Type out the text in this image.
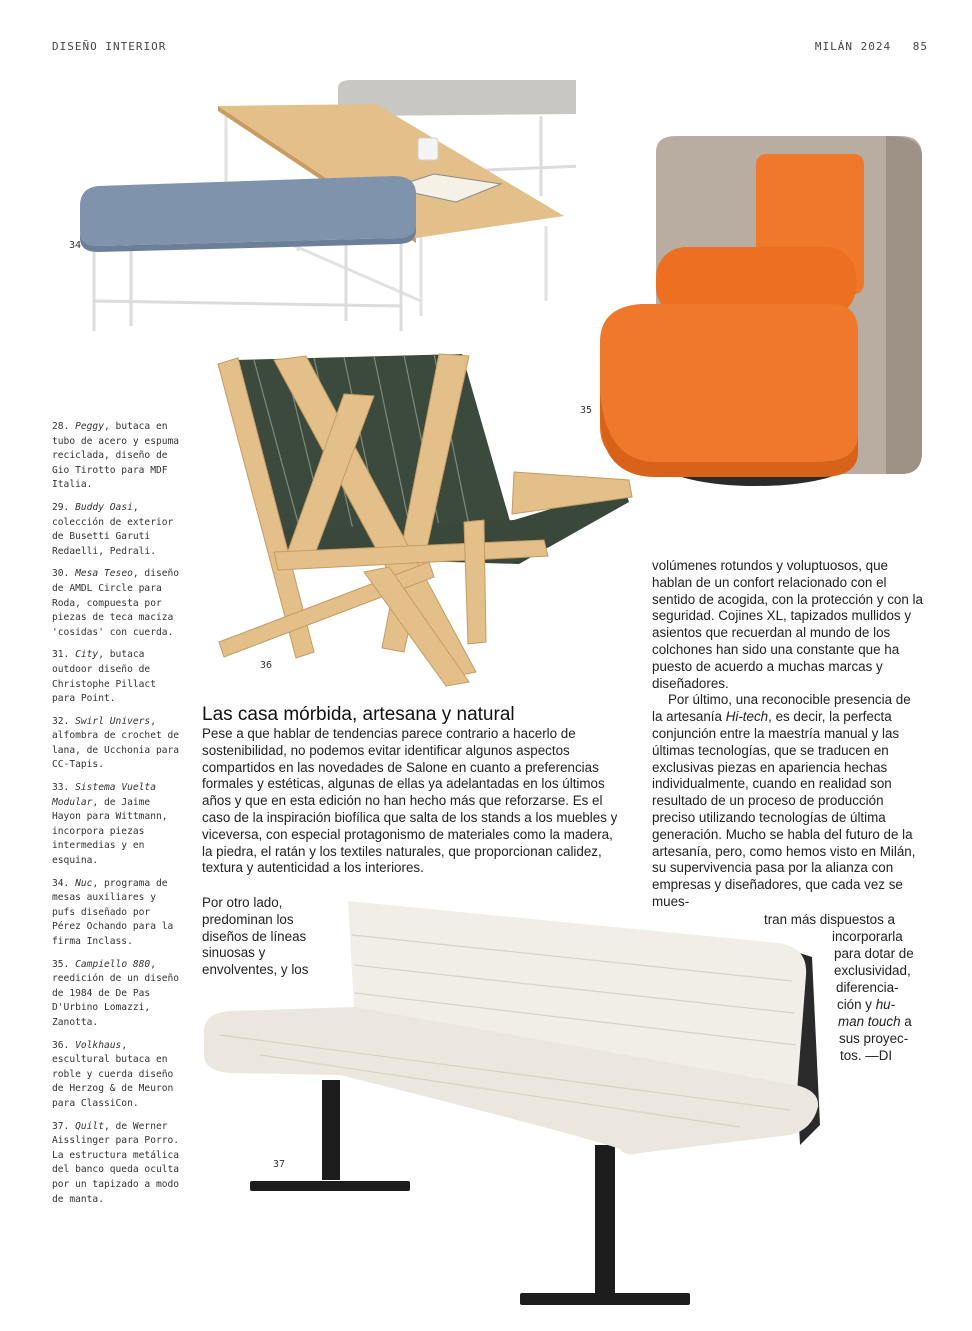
DISEÑO INTERIOR	MILÁN 2024 85
34
35
36
37

28. Peggy, butaca en tubo de acero y espuma reciclada, diseño de Gio Tirotto para MDF Italia.

29. Buddy Oasi, colección de exterior de Busetti Garuti Redaelli, Pedrali.

30. Mesa Teseo, diseño de AMDL Circle para Roda, compuesta por piezas de teca maciza 'cosidas' con cuerda.

31. City, butaca outdoor diseño de Christophe Pillact para Point.

32. Swirl Univers, alfombra de crochet de lana, de Ucchonia para CC-Tapis.

33. Sistema Vuelta Modular, de Jaime Hayon para Wittmann, incorpora piezas intermedias y en esquina.

34. Nuc, programa de mesas auxiliares y pufs diseñado por Pérez Ochando para la firma Inclass.

35. Campiello 880, reedición de un diseño de 1984 de De Pas D'Urbino Lomazzi, Zanotta.

36. Volkhaus, escultural butaca en roble y cuerda diseño de Herzog & de Meuron para ClassiCon.

37. Quilt, de Werner Aisslinger para Porro. La estructura metálica del banco queda oculta por un tapizado a modo de manta.

Las casa mórbida, artesana y natural

Pese a que hablar de tendencias parece contrario a hacerlo de sostenibilidad, no podemos evitar identificar algunos aspectos compartidos en las novedades de Salone en cuanto a preferencias formales y estéticas, algunas de ellas ya adelantadas en los últimos años y que en esta edición no han hecho más que reforzarse. Es el caso de la inspiración biofílica que salta de los stands a los muebles y viceversa, con especial protagonismo de materiales como la madera, la piedra, el ratán y los textiles naturales, que proporcionan calidez, textura y autenticidad a los interiores.

Por otro lado, predominan los diseños de líneas sinuosas y envolventes, y los

volúmenes rotundos y voluptuosos, que hablan de un confort relacionado con el sentido de acogida, con la protección y con la seguridad. Cojines XL, tapizados mullidos y asientos que recuerdan al mundo de los colchones han sido una constante que ha puesto de acuerdo a muchas marcas y diseñadores.

Por último, una reconocible presencia de la artesanía Hi-tech, es decir, la perfecta conjunción entre la maestría manual y las últimas tecnologías, que se traducen en exclusivas piezas en apariencia hechas individualmente, cuando en realidad son resultado de un proceso de producción preciso utilizando tecnologías de última generación. Mucho se habla del futuro de la artesanía, pero, como hemos visto en Milán, su supervivencia pasa por la alianza con empresas y diseñadores, que cada vez se mues-

tran más dispuestos a
incorporarla
para dotar de
exclusividad,
diferencia-
ción y hu-
man touch a
sus proyec-
tos. —DI
